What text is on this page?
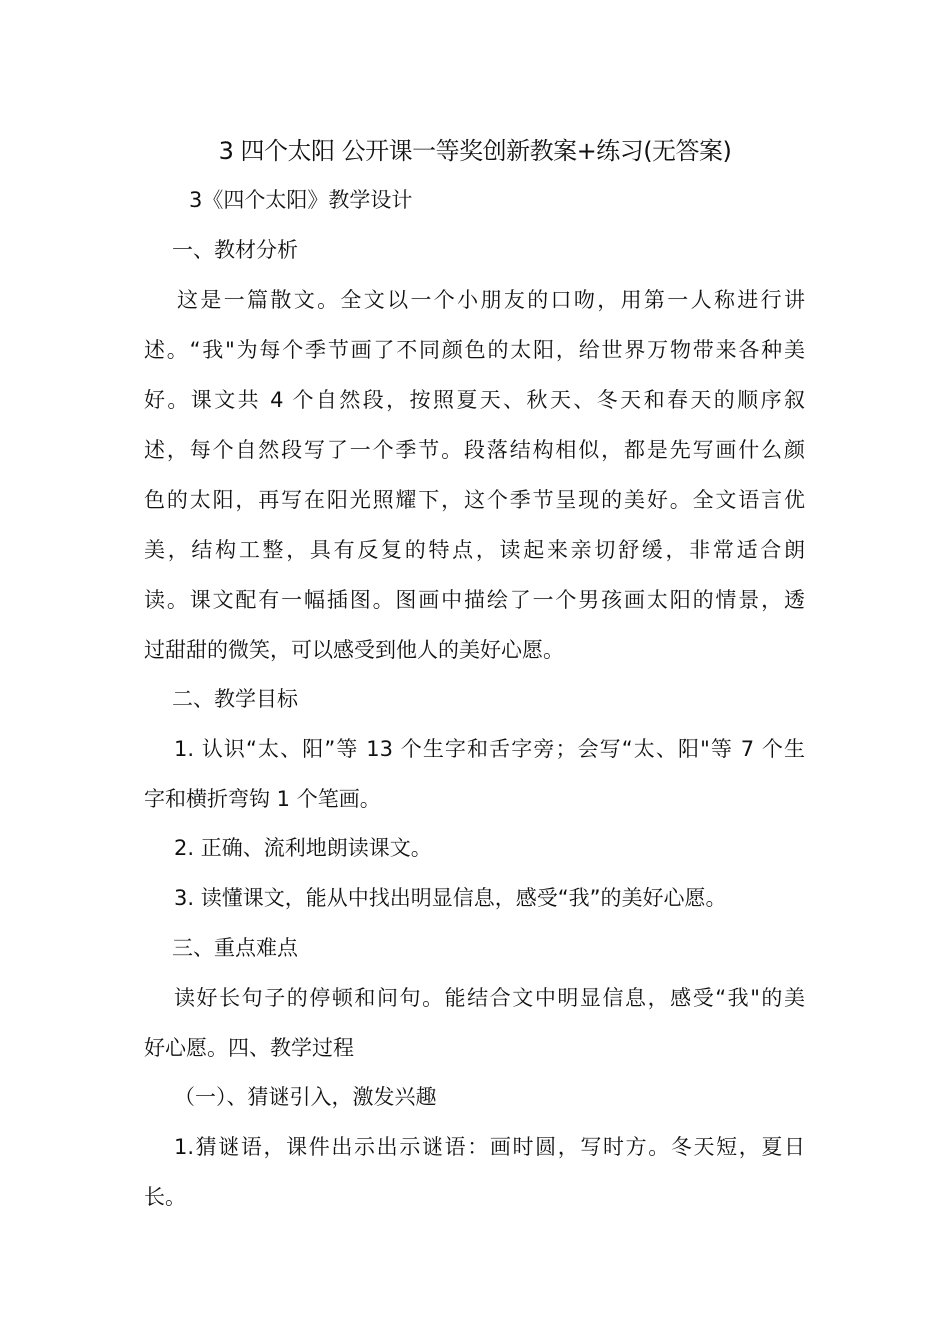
3 四个太阳 公开课一等奖创新教案+练习(无答案)
3《四个太阳》教学设计
一、教材分析
这是一篇散文。全文以一个小朋友的口吻，用第一人称进行讲
述。“我"为每个季节画了不同颜色的太阳，给世界万物带来各种美
好。课文共 4 个自然段，按照夏天、秋天、冬天和春天的顺序叙
述，每个自然段写了一个季节。段落结构相似，都是先写画什么颜
色的太阳，再写在阳光照耀下，这个季节呈现的美好。全文语言优
美，结构工整，具有反复的特点，读起来亲切舒缓，非常适合朗
读。课文配有一幅插图。图画中描绘了一个男孩画太阳的情景，透
过甜甜的微笑，可以感受到他人的美好心愿。
二、教学目标
1. 认识“太、阳”等 13 个生字和舌字旁；会写“太、阳"等 7 个生
字和横折弯钩 1 个笔画。
2. 正确、流利地朗读课文。
3. 读懂课文，能从中找出明显信息，感受“我”的美好心愿。
三、重点难点
读好长句子的停顿和问句。能结合文中明显信息，感受“我"的美
好心愿。四、教学过程
（一）、猜谜引入，激发兴趣
1.猜谜语，课件出示出示谜语：画时圆，写时方。冬天短，夏日
长。
